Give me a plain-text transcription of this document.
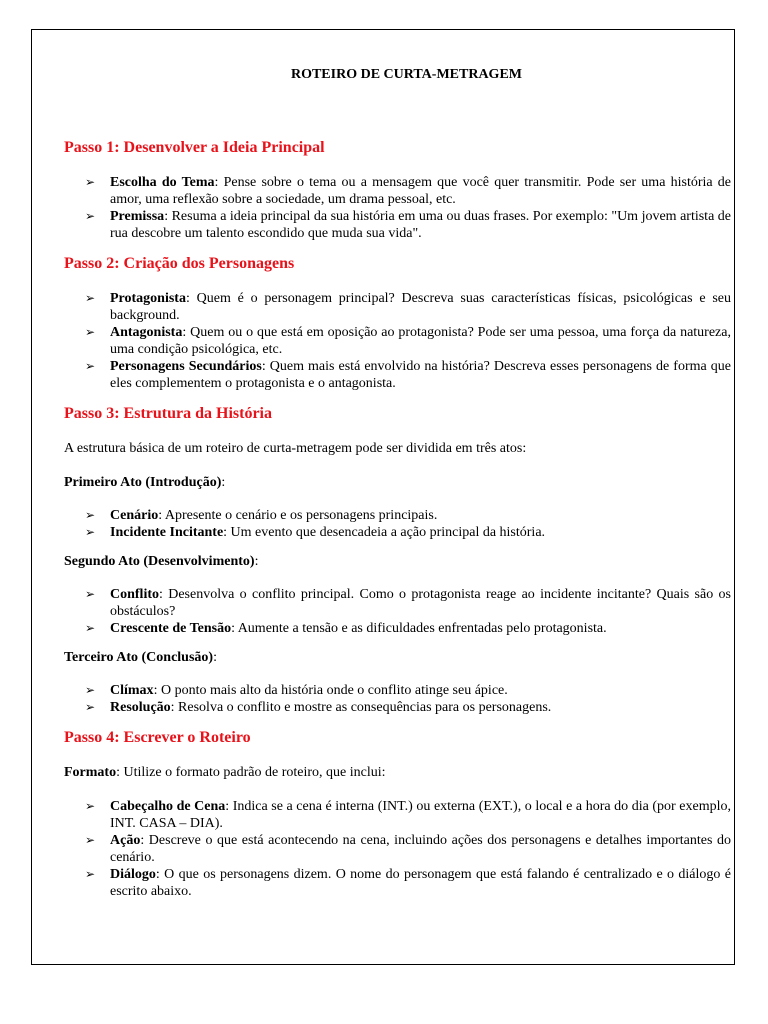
ROTEIRO DE CURTA-METRAGEM
Passo 1: Desenvolver a Ideia Principal
➢ Escolha do Tema: Pense sobre o tema ou a mensagem que você quer transmitir. Pode ser uma história de amor, uma reflexão sobre a sociedade, um drama pessoal, etc.
➢ Premissa: Resuma a ideia principal da sua história em uma ou duas frases. Por exemplo: "Um jovem artista de rua descobre um talento escondido que muda sua vida".
Passo 2: Criação dos Personagens
➢ Protagonista: Quem é o personagem principal? Descreva suas características físicas, psicológicas e seu background.
➢ Antagonista: Quem ou o que está em oposição ao protagonista? Pode ser uma pessoa, uma força da natureza, uma condição psicológica, etc.
➢ Personagens Secundários: Quem mais está envolvido na história? Descreva esses personagens de forma que eles complementem o protagonista e o antagonista.
Passo 3: Estrutura da História
A estrutura básica de um roteiro de curta-metragem pode ser dividida em três atos:
Primeiro Ato (Introdução):
➢ Cenário: Apresente o cenário e os personagens principais.
➢ Incidente Incitante: Um evento que desencadeia a ação principal da história.
Segundo Ato (Desenvolvimento):
➢ Conflito: Desenvolva o conflito principal. Como o protagonista reage ao incidente incitante? Quais são os obstáculos?
➢ Crescente de Tensão: Aumente a tensão e as dificuldades enfrentadas pelo protagonista.
Terceiro Ato (Conclusão):
➢ Clímax: O ponto mais alto da história onde o conflito atinge seu ápice.
➢ Resolução: Resolva o conflito e mostre as consequências para os personagens.
Passo 4: Escrever o Roteiro
Formato: Utilize o formato padrão de roteiro, que inclui:
➢ Cabeçalho de Cena: Indica se a cena é interna (INT.) ou externa (EXT.), o local e a hora do dia (por exemplo, INT. CASA – DIA).
➢ Ação: Descreve o que está acontecendo na cena, incluindo ações dos personagens e detalhes importantes do cenário.
➢ Diálogo: O que os personagens dizem. O nome do personagem que está falando é centralizado e o diálogo é escrito abaixo.
